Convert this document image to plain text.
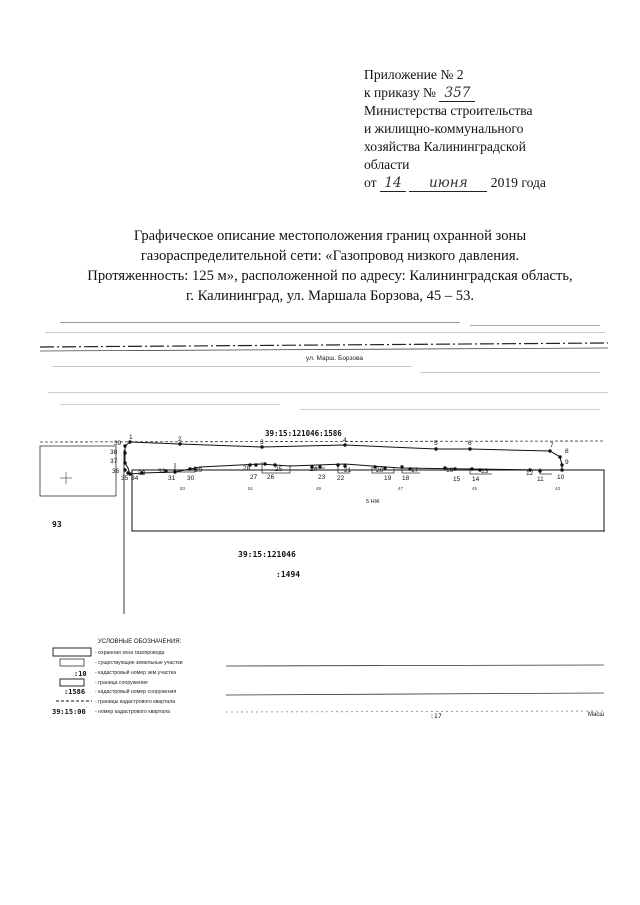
Приложение № 2
к приказу № 357
Министерства строительства
и жилищно-коммунального
хозяйства Калининградской
области
от 14 июня 2019 года
Графическое описание местоположения границ охранной зоны
газораспределительной сети: «Газопровод низкого давления.
Протяженность: 125 м», расположенной по адресу: Калининградская область,
г. Калининград, ул. Маршала Борзова, 45 – 53.
ул. Марш. Борзова
39:15:121046:1586
93
5 НЖ
39:15:121046
:1494
1	2	3	4	5	6	7
8
9
39
38
37
36
35 34	10
33 32
31 30
29	28
27 26
25	24
23 22
21	20
19 18
17	16
15 14
13	12
11
53	51	49	47	45	43
:17	Масш
УСЛОВНЫЕ ОБОЗНАЧЕНИЯ:
- охранная зона газопровода
- существующие земельные участки
:10 - кадастровый номер зем.участка
- граница сооружения
:1586 - кадастровый номер сооружения
- границы кадастрового квартала
39:15:00 - номер кадастрового квартала
